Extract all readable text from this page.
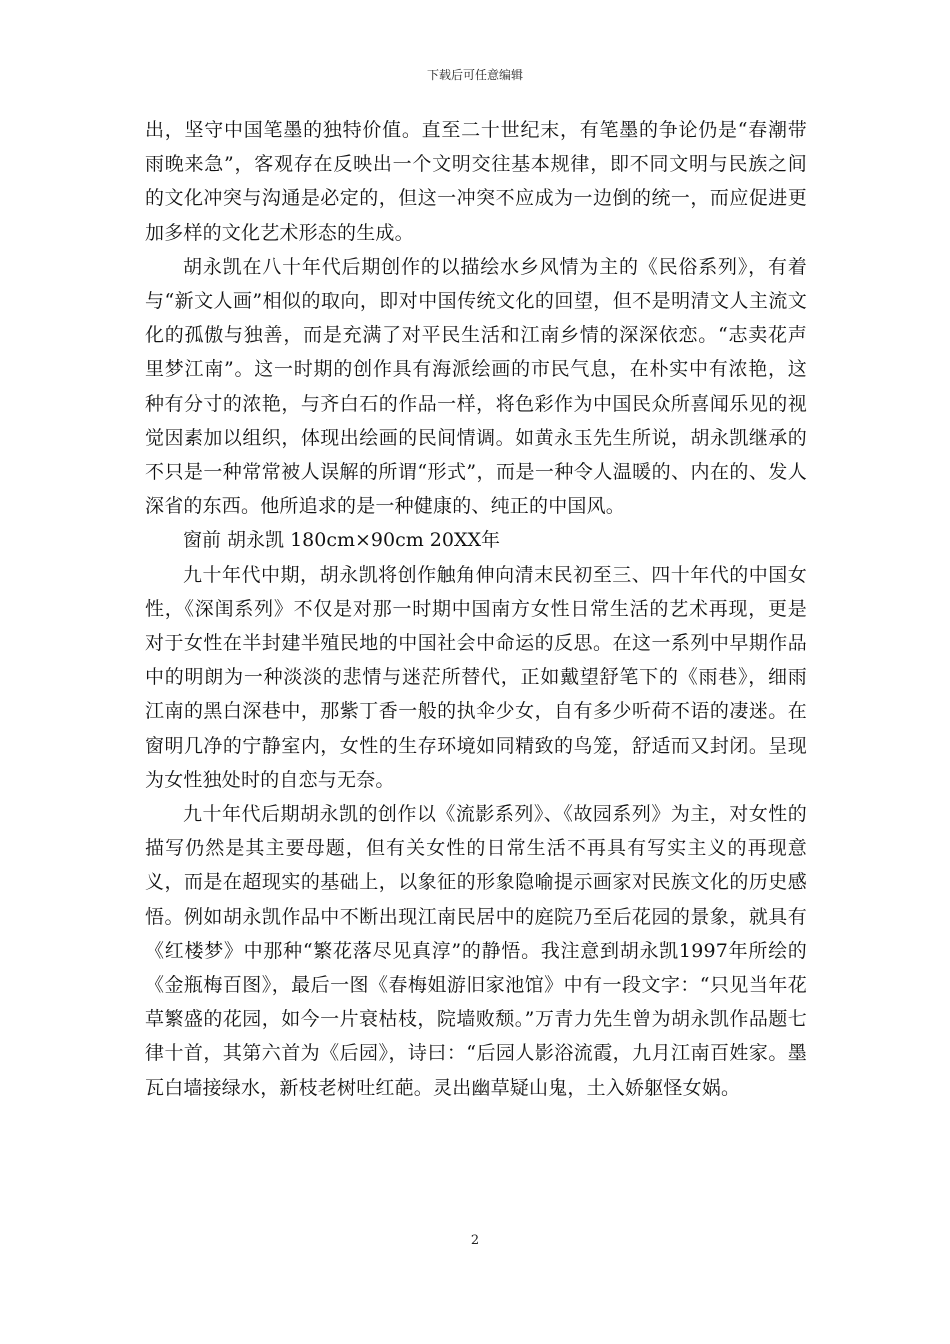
下载后可任意编辑

出，坚守中国笔墨的独特价值。直至二十世纪末，有笔墨的争论仍是“春潮带雨晚来急”，客观存在反映出一个文明交往基本规律，即不同文明与民族之间的文化冲突与沟通是必定的，但这一冲突不应成为一边倒的统一，而应促进更加多样的文化艺术形态的生成。

胡永凯在八十年代后期创作的以描绘水乡风情为主的《民俗系列》，有着与“新文人画”相似的取向，即对中国传统文化的回望，但不是明清文人主流文化的孤傲与独善，而是充满了对平民生活和江南乡情的深深依恋。“志卖花声里梦江南”。这一时期的创作具有海派绘画的市民气息，在朴实中有浓艳，这种有分寸的浓艳，与齐白石的作品一样，将色彩作为中国民众所喜闻乐见的视觉因素加以组织，体现出绘画的民间情调。如黄永玉先生所说，胡永凯继承的不只是一种常常被人误解的所谓“形式”，而是一种令人温暖的、内在的、发人深省的东西。他所追求的是一种健康的、纯正的中国风。

窗前 胡永凯 180cm×90cm 20XX年

九十年代中期，胡永凯将创作触角伸向清末民初至三、四十年代的中国女性，《深闺系列》不仅是对那一时期中国南方女性日常生活的艺术再现，更是对于女性在半封建半殖民地的中国社会中命运的反思。在这一系列中早期作品中的明朗为一种淡淡的悲情与迷茫所替代，正如戴望舒笔下的《雨巷》，细雨江南的黑白深巷中，那紫丁香一般的执伞少女，自有多少听荷不语的凄迷。在窗明几净的宁静室内，女性的生存环境如同精致的鸟笼，舒适而又封闭。呈现为女性独处时的自恋与无奈。

九十年代后期胡永凯的创作以《流影系列》、《故园系列》为主，对女性的描写仍然是其主要母题，但有关女性的日常生活不再具有写实主义的再现意义，而是在超现实的基础上，以象征的形象隐喻提示画家对民族文化的历史感悟。例如胡永凯作品中不断出现江南民居中的庭院乃至后花园的景象，就具有《红楼梦》中那种“繁花落尽见真淳”的静悟。我注意到胡永凯1997年所绘的《金瓶梅百图》，最后一图《春梅姐游旧家池馆》中有一段文字：“只见当年花草繁盛的花园，如今一片衰枯枝，院墙败颓。”万青力先生曾为胡永凯作品题七律十首，其第六首为《后园》，诗曰：“后园人影浴流霞，九月江南百姓家。墨瓦白墙接绿水，新枝老树吐红葩。灵出幽草疑山鬼，土入娇躯怪女娲。

2
